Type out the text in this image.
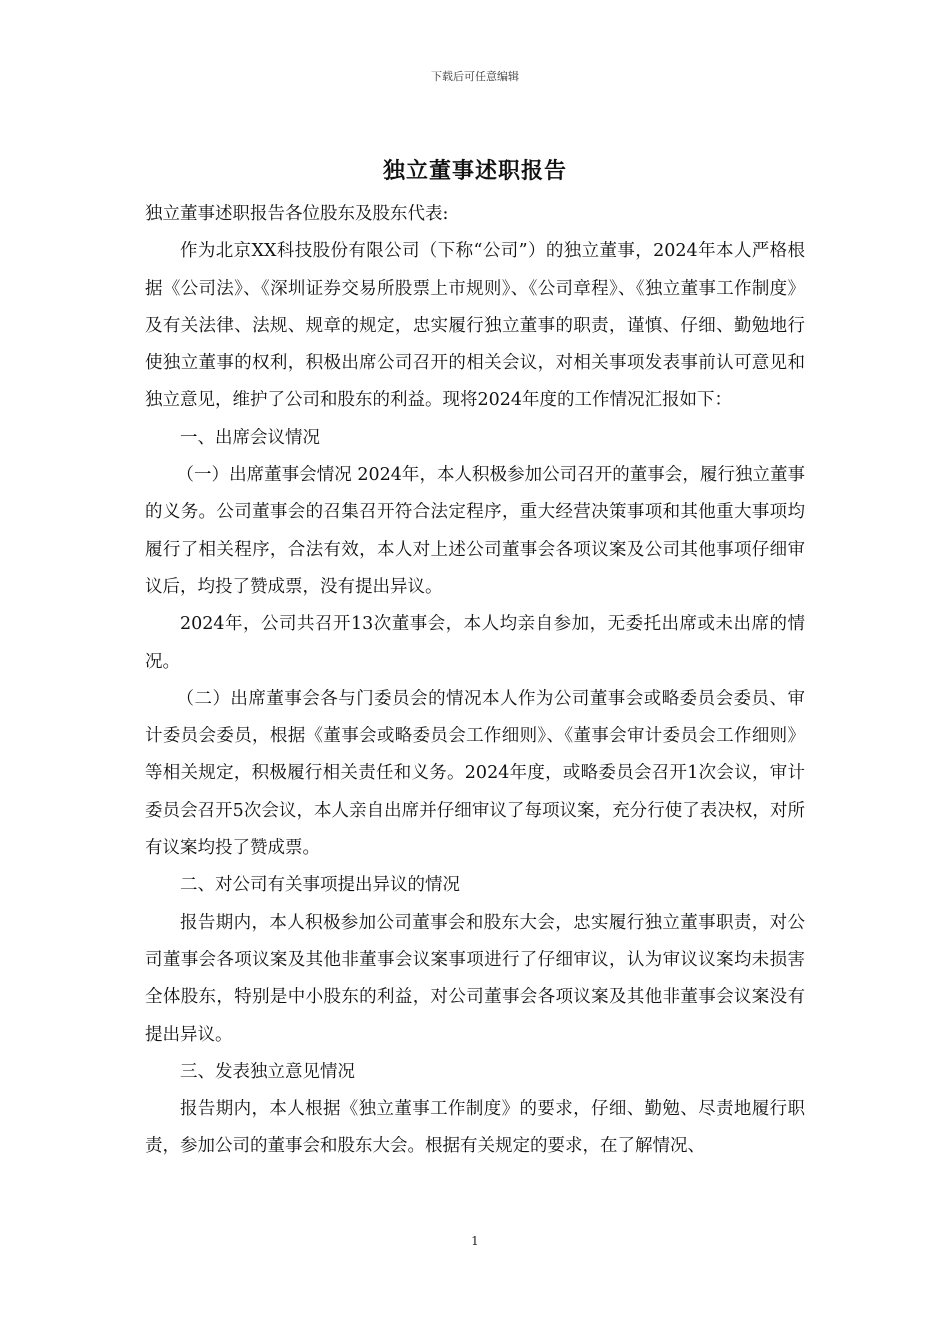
下载后可任意编辑
独立董事述职报告

独立董事述职报告各位股东及股东代表:

作为北京XX科技股份有限公司（下称“公司”）的独立董事，2024年本人严格根据《公司法》、《深圳证券交易所股票上市规则》、《公司章程》、《独立董事工作制度》及有关法律、法规、规章的规定，忠实履行独立董事的职责，谨慎、仔细、勤勉地行使独立董事的权利，积极出席公司召开的相关会议，对相关事项发表事前认可意见和独立意见，维护了公司和股东的利益。现将2024年度的工作情况汇报如下：

一、出席会议情况

（一）出席董事会情况 2024年，本人积极参加公司召开的董事会，履行独立董事的义务。公司董事会的召集召开符合法定程序，重大经营决策事项和其他重大事项均履行了相关程序，合法有效，本人对上述公司董事会各项议案及公司其他事项仔细审议后，均投了赞成票，没有提出异议。

2024年，公司共召开13次董事会，本人均亲自参加，无委托出席或未出席的情况。

（二）出席董事会各与门委员会的情况本人作为公司董事会或略委员会委员、审计委员会委员，根据《董事会或略委员会工作细则》、《董事会审计委员会工作细则》等相关规定，积极履行相关责任和义务。2024年度，或略委员会召开1次会议，审计委员会召开5次会议，本人亲自出席并仔细审议了每项议案，充分行使了表决权，对所有议案均投了赞成票。

二、对公司有关事项提出异议的情况

报告期内，本人积极参加公司董事会和股东大会，忠实履行独立董事职责，对公司董事会各项议案及其他非董事会议案事项进行了仔细审议，认为审议议案均未损害全体股东，特别是中小股东的利益，对公司董事会各项议案及其他非董事会议案没有提出异议。

三、发表独立意见情况

报告期内，本人根据《独立董事工作制度》的要求，仔细、勤勉、尽责地履行职责，参加公司的董事会和股东大会。根据有关规定的要求，在了解情况、

1
